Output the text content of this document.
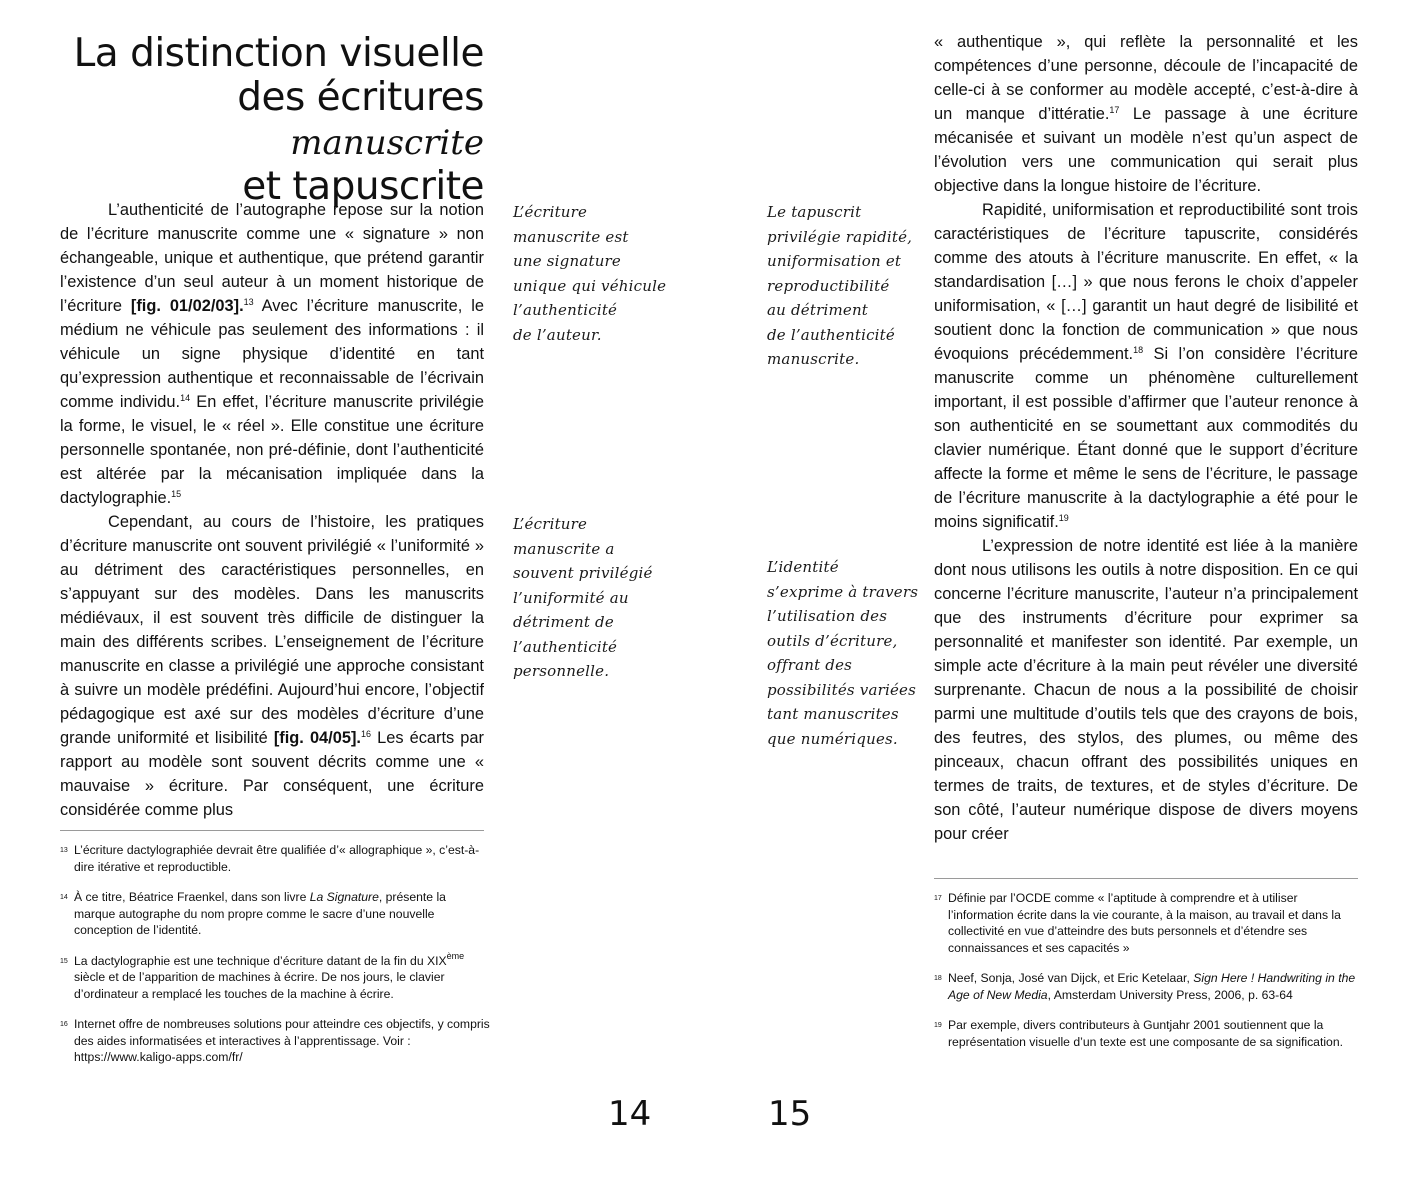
La distinction visuelle
des écritures manuscrite
et tapuscrite

L’authenticité de l’autographe repose sur la notion de l’écriture manuscrite comme une « signature » non échangeable, unique et authentique, que prétend garantir l’existence d’un seul auteur à un moment historique de l’écriture [fig. 01/02/03].$^{13}$ Avec l’écriture manuscrite, le médium ne véhicule pas seulement des informations : il véhicule un signe physique d’identité en tant qu’expression authentique et reconnaissable de l’écrivain comme individu.$^{14}$ En effet, l’écriture manuscrite privilégie la forme, le visuel, le « réel ». Elle constitue une écriture personnelle spontanée, non pré-définie, dont l’authenticité est altérée par la mécanisation impliquée dans la dactylographie.$^{15}$

Cependant, au cours de l’histoire, les pratiques d’écriture manuscrite ont souvent privilégié « l’uniformité » au détriment des caractéristiques personnelles, en s’appuyant sur des modèles. Dans les manuscrits médiévaux, il est souvent très difficile de distinguer la main des différents scribes. L’enseignement de l’écriture manuscrite en classe a privilégié une approche consistant à suivre un modèle prédéfini. Aujourd’hui encore, l’objectif pédagogique est axé sur des modèles d’écriture d’une grande uniformité et lisibilité [fig. 04/05].$^{16}$ Les écarts par rapport au modèle sont souvent décrits comme une « mauvaise » écriture. Par conséquent, une écriture considérée comme plus

13 L’écriture dactylographiée devrait être qualifiée d’« allographique », c’est-à-dire itérative et reproductible.
14 À ce titre, Béatrice Fraenkel, dans son livre La Signature, présente la marque autographe du nom propre comme le sacre d’une nouvelle conception de l’identité.
15 La dactylographie est une technique d’écriture datant de la fin du XIXème siècle et de l’apparition de machines à écrire. De nos jours, le clavier d’ordinateur a remplacé les touches de la machine à écrire.
16 Internet offre de nombreuses solutions pour atteindre ces objectifs, y compris des aides informatisées et interactives à l’apprentissage. Voir : https://www.kaligo-apps.com/fr/
L’écriture
manuscrite est
une signature
unique qui véhicule
l’authenticité
de l’auteur.
Le tapuscrit
privilégie rapidité,
uniformisation et
reproductibilité
au détriment
de l’authenticité
manuscrite.
L’écriture
manuscrite a
souvent privilégié
l’uniformité au
détriment de
l’authenticité
personnelle.
L’identité
s’exprime à travers
l’utilisation des
outils d’écriture,
offrant des
possibilités variées
tant manuscrites
que numériques.

« authentique », qui reflète la personnalité et les compétences d’une personne, découle de l’incapacité de celle-ci à se conformer au modèle accepté, c’est-à-dire à un manque d’ittératie.$^{17}$ Le passage à une écriture mécanisée et suivant un modèle n’est qu’un aspect de l’évolution vers une communication qui serait plus objective dans la longue histoire de l’écriture.

Rapidité, uniformisation et reproductibilité sont trois caractéristiques de l’écriture tapuscrite, considérés comme des atouts à l’écriture manuscrite. En effet, « la standardisation […] » que nous ferons le choix d’appeler uniformisation, « […] garantit un haut degré de lisibilité et soutient donc la fonction de communication » que nous évoquions précédemment.$^{18}$ Si l’on considère l’écriture manuscrite comme un phénomène culturellement important, il est possible d’affirmer que l’auteur renonce à son authenticité en se soumettant aux commodités du clavier numérique. Étant donné que le support d’écriture affecte la forme et même le sens de l’écriture, le passage de l’écriture manuscrite à la dactylographie a été pour le moins significatif.$^{19}$

L’expression de notre identité est liée à la manière dont nous utilisons les outils à notre disposition. En ce qui concerne l’écriture manuscrite, l’auteur n’a principalement que des instruments d’écriture pour exprimer sa personnalité et manifester son identité. Par exemple, un simple acte d’écriture à la main peut révéler une diversité surprenante. Chacun de nous a la possibilité de choisir parmi une multitude d’outils tels que des crayons de bois, des feutres, des stylos, des plumes, ou même des pinceaux, chacun offrant des possibilités uniques en termes de traits, de textures, et de styles d’écriture. De son côté, l’auteur numérique dispose de divers moyens pour créer

17 Définie par l’OCDE comme « l’aptitude à comprendre et à utiliser l’information écrite dans la vie courante, à la maison, au travail et dans la collectivité en vue d’atteindre des buts personnels et d’étendre ses connaissances et ses capacités »
18 Neef, Sonja, José van Dijck, et Eric Ketelaar, Sign Here ! Handwriting in the Age of New Media, Amsterdam University Press, 2006, p. 63-64
19 Par exemple, divers contributeurs à Guntjahr 2001 soutiennent que la représentation visuelle d’un texte est une composante de sa signification.
14	15
